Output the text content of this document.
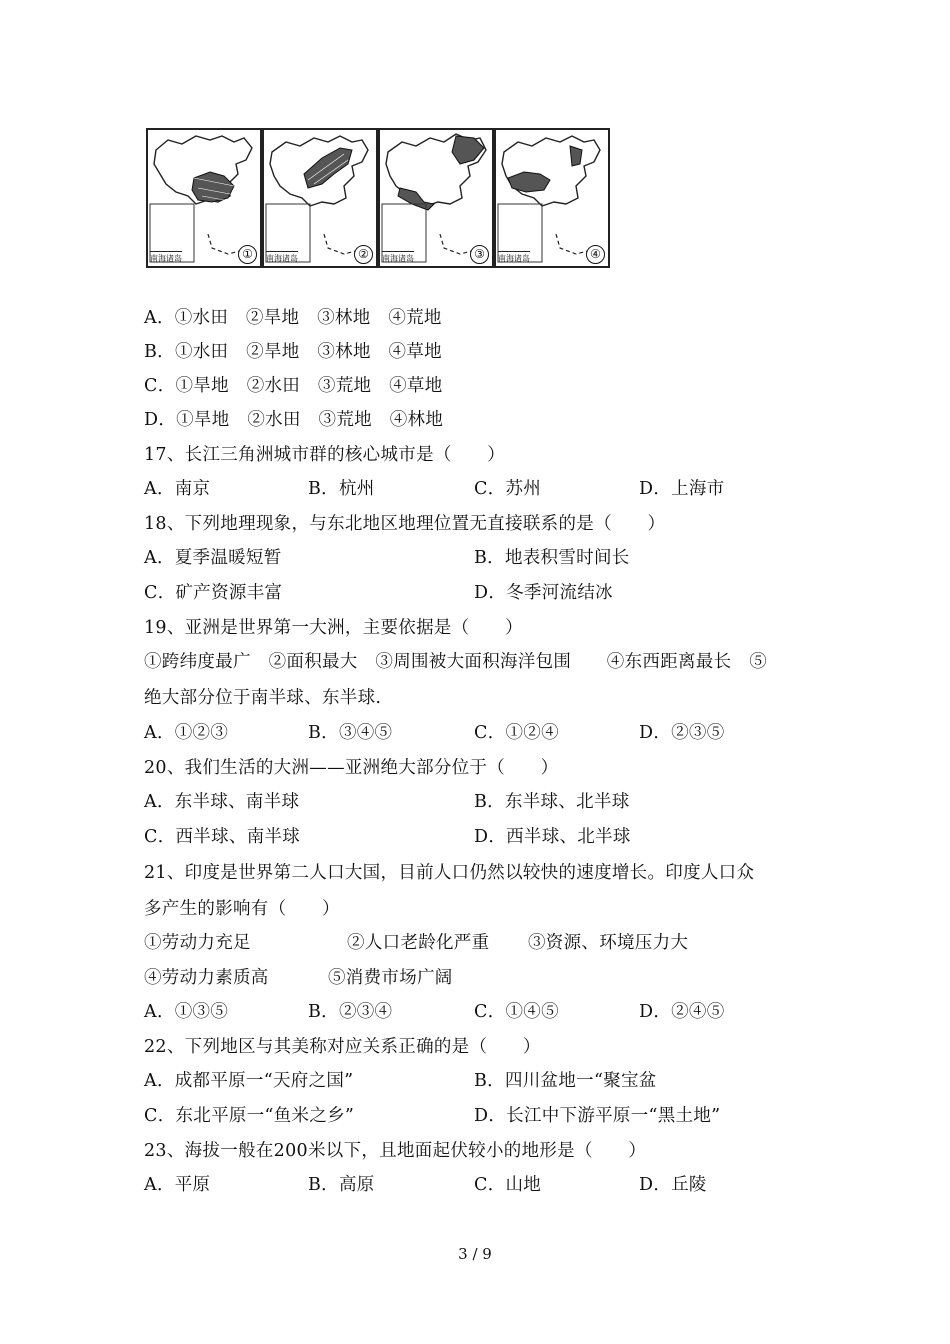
①
南海诸岛	②
南海诸岛	③
南海诸岛	④
南海诸岛
A．①水田　②旱地　③林地　④荒地
B．①水田　②旱地　③林地　④草地
C．①旱地　②水田　③荒地　④草地
D．①旱地　②水田　③荒地　④林地
17、长江三角洲城市群的核心城市是（　　）
A．南京	B．杭州	C．苏州	D．上海市
18、下列地理现象，与东北地区地理位置无直接联系的是（　　）
A．夏季温暖短暂	B．地表积雪时间长
C．矿产资源丰富	D．冬季河流结冰
19、亚洲是世界第一大洲，主要依据是（　　）
①跨纬度最广　②面积最大　③周围被大面积海洋包围　　④东西距离最长　⑤
绝大部分位于南半球、东半球.
A．①②③	B．③④⑤	C．①②④	D．②③⑤
20、我们生活的大洲——亚洲绝大部分位于（　　）
A．东半球、南半球	B．东半球、北半球
C．西半球、南半球	D．西半球、北半球
21、印度是世界第二人口大国，目前人口仍然以较快的速度增长。印度人口众
多产生的影响有（　　）
①劳动力充足	②人口老龄化严重 ③资源、环境压力大
④劳动力素质高	⑤消费市场广阔
A．①③⑤	B．②③④	C．①④⑤	D．②④⑤
22、下列地区与其美称对应关系正确的是（　　）
A．成都平原一“天府之国”	B．四川盆地一“聚宝盆
C．东北平原一“鱼米之乡”	D．长江中下游平原一“黑土地”
23、海拔一般在200米以下，且地面起伏较小的地形是（　　）
A．平原	B．高原	C．山地	D．丘陵
3 / 9
